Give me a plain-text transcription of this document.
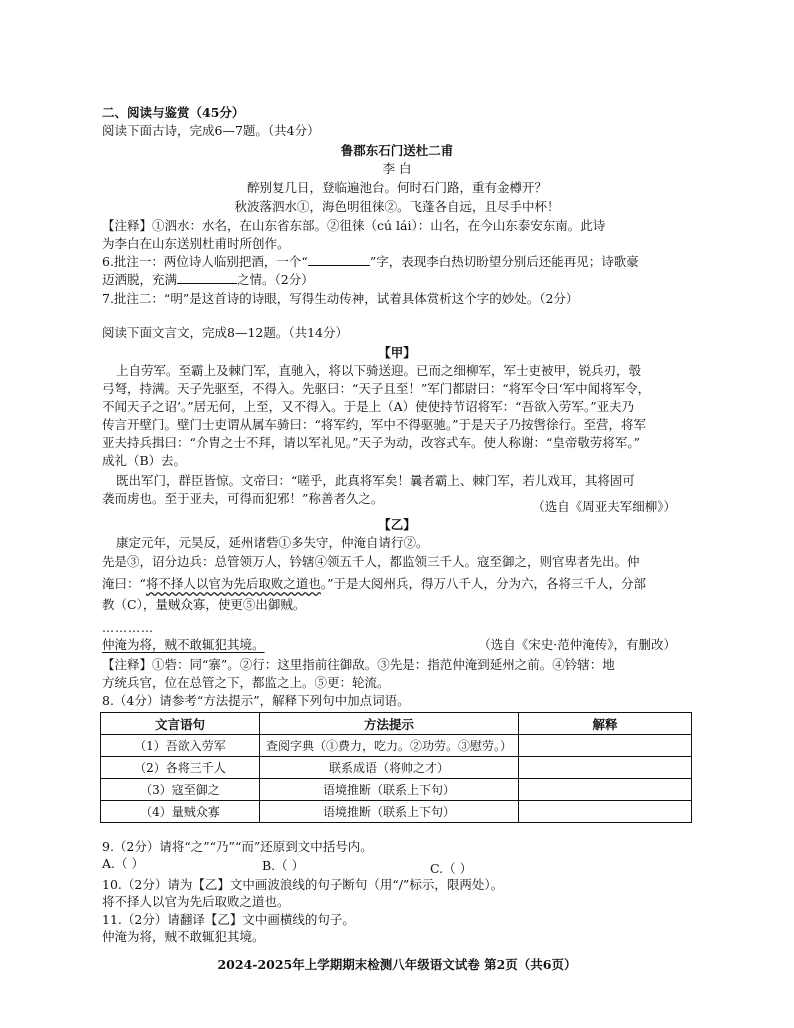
二、阅读与鉴赏（45分）
阅读下面古诗，完成6—7题。（共4分）
鲁郡东石门送杜二甫
李 白
醉别复几日，登临遍池台。何时石门路，重有金樽开？
秋波落泗水①，海色明徂徕②。飞蓬各自远，且尽手中杯！
【注释】①泗水：水名，在山东省东部。②徂徕（cú lái）：山名，在今山东泰安东南。此诗
为李白在山东送别杜甫时所创作。
6.批注一：两位诗人临别把酒，一个“	”字，表现李白热切盼望分别后还能再见；诗歌豪
迈洒脱，充满	之情。（2分）
7.批注二：“明”是这首诗的诗眼，写得生动传神，试着具体赏析这个字的妙处。（2分）
阅读下面文言文，完成8—12题。（共14分）
【甲】
上自劳军。至霸上及棘门军，直驰入，将以下骑送迎。已而之细柳军，军士吏被甲，锐兵刃，彀
弓弩，持满。天子先驱至，不得入。先驱曰：“天子且至！”军门都尉曰：“将军令曰‘军中闻将军令，
不闻天子之诏’。”居无何，上至，又不得入。于是上（A）使使持节诏将军：“吾欲入劳军。”亚夫乃
传言开壁门。壁门士吏谓从属车骑曰：“将军约，军中不得驱驰。”于是天子乃按辔徐行。至营，将军
亚夫持兵揖曰：“介胄之士不拜，请以军礼见。”天子为动，改容式车。使人称谢：“皇帝敬劳将军。”
成礼（B）去。
既出军门，群臣皆惊。文帝曰：“嗟乎，此真将军矣！曩者霸上、棘门军，若儿戏耳，其将固可
袭而虏也。至于亚夫，可得而犯邪！”称善者久之。
（选自《周亚夫军细柳》）
【乙】
康定元年，元昊反，延州诸砦①多失守，仲淹自请行②。
先是③，诏分边兵：总管领万人，钤辖④领五千人，都监领三千人。寇至御之，则官卑者先出。仲
淹曰：“将不择人以官为先后取败之道也。”于是大阅州兵，得万八千人，分为六，各将三千人，分部
教（C），量贼众寡，使更⑤出御贼。
…………
仲淹为将，贼不敢辄犯其境。	（选自《宋史·范仲淹传》，有删改）
【注释】①砦：同“寨”。②行：这里指前往御敌。③先是：指范仲淹到延州之前。④钤辖：地
方统兵官，位在总管之下，都监之上。⑤更：轮流。
8.（4分）请参考“方法提示”，解释下列句中加点词语。
文言语句	方法提示	解释
（1）吾欲入劳军	查阅字典（①费力，吃力。②功劳。③慰劳。）	
（2）各将三千人	联系成语（将帅之才）	
（3）寇至御之	语境推断（联系上下句）	
（4）量贼众寡	语境推断（联系上下句）	
9.（2分）请将“之”“乃”“而”还原到文中括号内。
A.（ ）	B.（ ）	C.（ ）
10.（2分）请为【乙】文中画波浪线的句子断句（用“/”标示，限两处）。
将不择人以官为先后取败之道也。
11.（2分）请翻译【乙】文中画横线的句子。
仲淹为将，贼不敢辄犯其境。
2024-2025年上学期期末检测八年级语文试卷 第2页（共6页）
